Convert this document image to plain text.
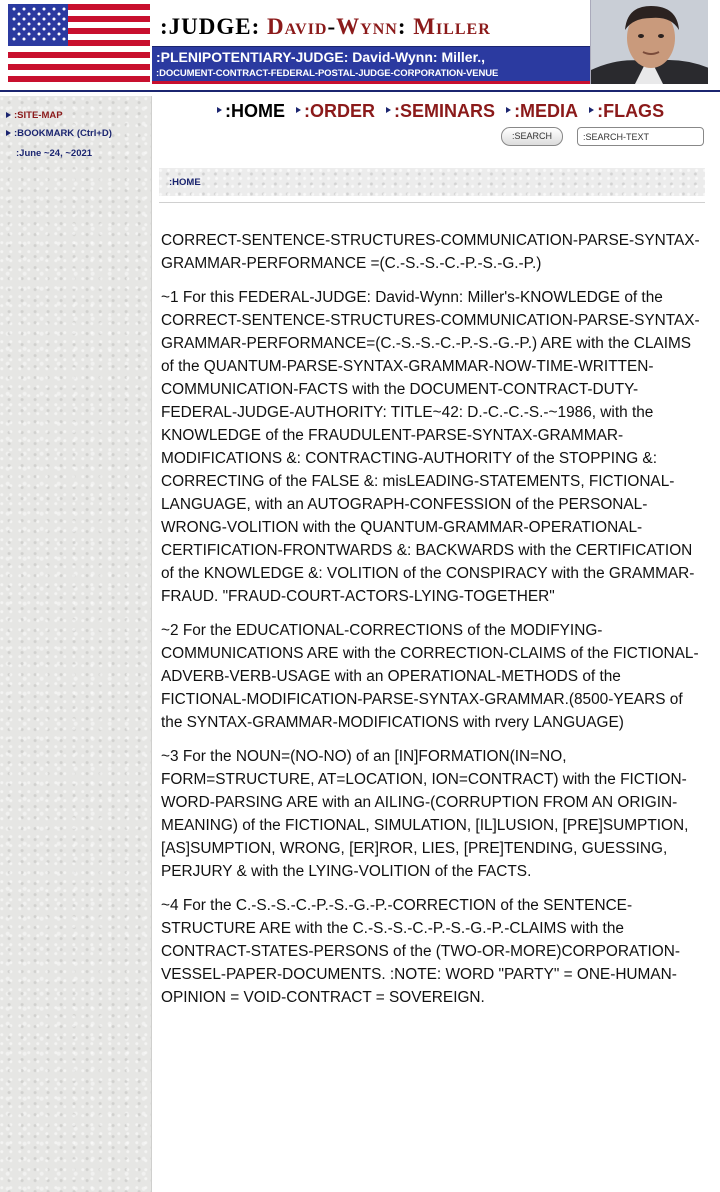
:JUDGE: David-Wynn: Miller
:PLENIPOTENTIARY-JUDGE: David-Wynn: Miller.,
:DOCUMENT-CONTRACT-FEDERAL-POSTAL-JUDGE-CORPORATION-VENUE
:SITE-MAP
:BOOKMARK (Ctrl+D)
:June ~24, ~2021
:HOME :ORDER :SEMINARS :MEDIA :FLAGS
:SEARCH
:SEARCH-TEXT
:HOME

CORRECT-SENTENCE-STRUCTURES-COMMUNICATION-PARSE-SYNTAX-GRAMMAR-PERFORMANCE =(C.-S.-S.-C.-P.-S.-G.-P.)

~1 For this FEDERAL-JUDGE: David-Wynn: Miller's-KNOWLEDGE of the CORRECT-SENTENCE-STRUCTURES-COMMUNICATION-PARSE-SYNTAX-GRAMMAR-PERFORMANCE=(C.-S.-S.-C.-P.-S.-G.-P.) ARE with the CLAIMS of the QUANTUM-PARSE-SYNTAX-GRAMMAR-NOW-TIME-WRITTEN-COMMUNICATION-FACTS with the DOCUMENT-CONTRACT-DUTY-FEDERAL-JUDGE-AUTHORITY: TITLE~42: D.-C.-C.-S.-~1986, with the KNOWLEDGE of the FRAUDULENT-PARSE-SYNTAX-GRAMMAR-MODIFICATIONS &: CONTRACTING-AUTHORITY of the STOPPING &: CORRECTING of the FALSE &: misLEADING-STATEMENTS, FICTIONAL-LANGUAGE, with an AUTOGRAPH-CONFESSION of the PERSONAL-WRONG-VOLITION with the QUANTUM-GRAMMAR-OPERATIONAL-CERTIFICATION-FRONTWARDS &: BACKWARDS with the CERTIFICATION of the KNOWLEDGE &: VOLITION of the CONSPIRACY with the GRAMMAR-FRAUD. "FRAUD-COURT-ACTORS-LYING-TOGETHER"

~2 For the EDUCATIONAL-CORRECTIONS of the MODIFYING-COMMUNICATIONS ARE with the CORRECTION-CLAIMS of the FICTIONAL-ADVERB-VERB-USAGE with an OPERATIONAL-METHODS of the FICTIONAL-MODIFICATION-PARSE-SYNTAX-GRAMMAR.(8500-YEARS of the SYNTAX-GRAMMAR-MODIFICATIONS with rvery LANGUAGE)

~3 For the NOUN=(NO-NO) of an [IN]FORMATION(IN=NO, FORM=STRUCTURE, AT=LOCATION, ION=CONTRACT) with the FICTION-WORD-PARSING ARE with an AILING-(CORRUPTION FROM AN ORIGIN-MEANING) of the FICTIONAL, SIMULATION, [IL]LUSION, [PRE]SUMPTION, [AS]SUMPTION, WRONG, [ER]ROR, LIES, [PRE]TENDING, GUESSING, PERJURY & with the LYING-VOLITION of the FACTS.

~4 For the C.-S.-S.-C.-P.-S.-G.-P.-CORRECTION of the SENTENCE-STRUCTURE ARE with the C.-S.-S.-C.-P.-S.-G.-P.-CLAIMS with the CONTRACT-STATES-PERSONS of the (TWO-OR-MORE)CORPORATION-VESSEL-PAPER-DOCUMENTS. :NOTE: WORD "PARTY" = ONE-HUMAN-OPINION = VOID-CONTRACT = SOVEREIGN.
